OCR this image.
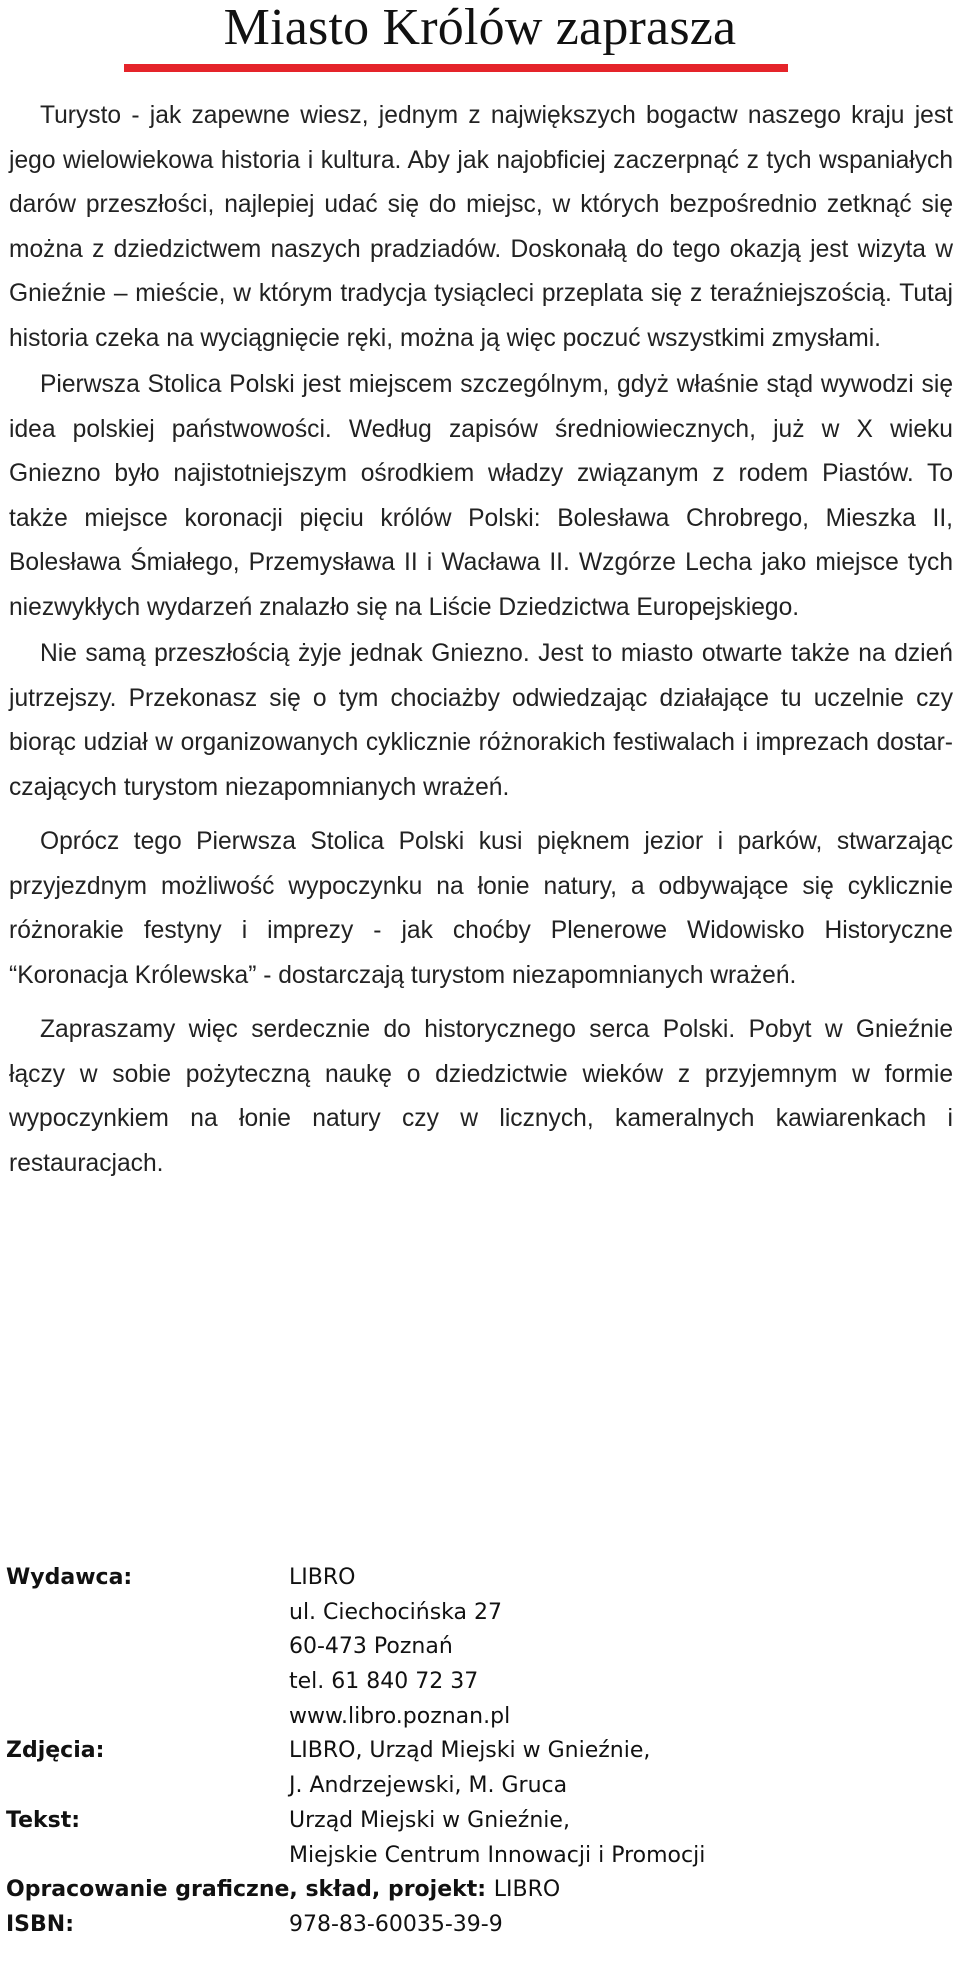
Miasto Królów zaprasza

Turysto - jak zapewne wiesz, jednym z największych bogactw naszego kraju jest jego wielowiekowa historia i kultura. Aby jak najobficiej zaczerpnąć z tych wspaniałych darów przeszłości, najlepiej udać się do miejsc, w których bezpośrednio zetknąć się można z dziedzictwem naszych pradziadów. Doskonałą do tego okazją jest wizyta w Gnieźnie – mieście, w którym tradycja tysiącleci przeplata się z teraźniejszością. Tutaj historia czeka na wyciągnięcie ręki, można ją więc poczuć wszystkimi zmysłami.

Pierwsza Stolica Polski jest miejscem szczególnym, gdyż właśnie stąd wywodzi się idea polskiej państwowości. Według zapisów średniowiecznych, już w X wieku Gniezno było najistotniejszym ośrodkiem władzy związanym z rodem Piastów. To także miejsce koronacji pięciu królów Polski: Bolesława Chrobrego, Mieszka II, Bolesława Śmiałego, Przemysława II i Wacława II. Wzgórze Lecha jako miejsce tych niezwykłych wydarzeń znalazło się na Liście Dziedzictwa Europejskiego.

Nie samą przeszłością żyje jednak Gniezno. Jest to miasto otwarte także na dzień jutrzejszy. Przekonasz się o tym chociażby odwiedzając działające tu uczelnie czy biorąc udział w organizowanych cyklicznie różnorakich festiwalach i imprezach dostar- czających turystom niezapomnianych wrażeń.

Oprócz tego Pierwsza Stolica Polski kusi pięknem jezior i parków, stwarzając przyjezdnym możliwość wypoczynku na łonie natury, a odbywające się cyklicznie różnorakie festyny i imprezy - jak choćby Plenerowe Widowisko Historyczne “Koronacja Królewska” - dostarczają turystom niezapomnianych wrażeń.

Zapraszamy więc serdecznie do historycznego serca Polski. Pobyt w Gnieźnie łączy w sobie pożyteczną naukę o dziedzictwie wieków z przyjemnym w formie wypoczynkiem na łonie natury czy w licznych, kameralnych kawiarenkach i restauracjach.

Wydawca:	LIBRO
ul. Ciechocińska 27
60-473 Poznań
tel. 61 840 72 37
www.libro.poznan.pl
Zdjęcia:	LIBRO, Urząd Miejski w Gnieźnie,
J. Andrzejewski, M. Gruca
Tekst:	Urząd Miejski w Gnieźnie,
Miejskie Centrum Innowacji i Promocji
Opracowanie graficzne, skład, projekt: LIBRO
ISBN:	978-83-60035-39-9
